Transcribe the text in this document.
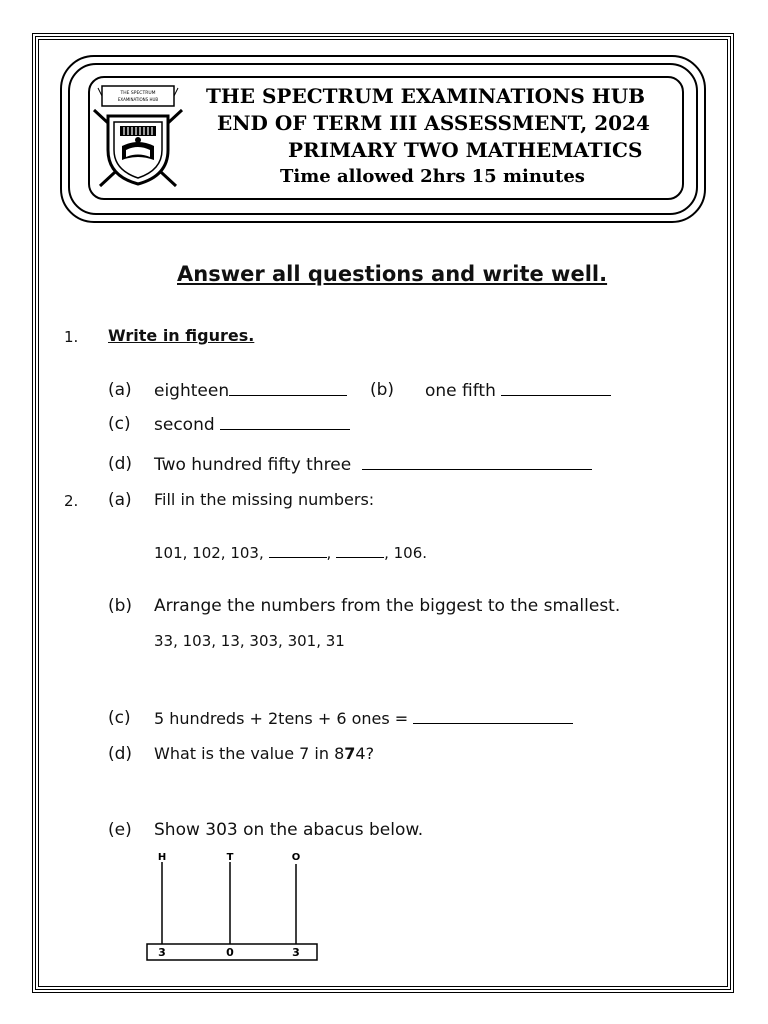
THE SPECTRUM
EXAMINATIONS HUB THE SPECTRUM EXAMINATIONS HUB
END OF TERM III ASSESSMENT, 2024
PRIMARY TWO MATHEMATICS
Time allowed 2hrs 15 minutes
Answer all questions and write well.
1. Write in figures.
(a) eighteen	(b) one fifth
(c) second
(d) Two hundred fifty three
2. (a) Fill in the missing numbers:
101, 102, 103,	,	, 106.
(b) Arrange the numbers from the biggest to the smallest.
33, 103, 13, 303, 301, 31
(c) 5 hundreds + 2tens + 6 ones =
(d) What is the value 7 in 874?
(e) Show 303 on the abacus below.
H	T	O
3	0	3
